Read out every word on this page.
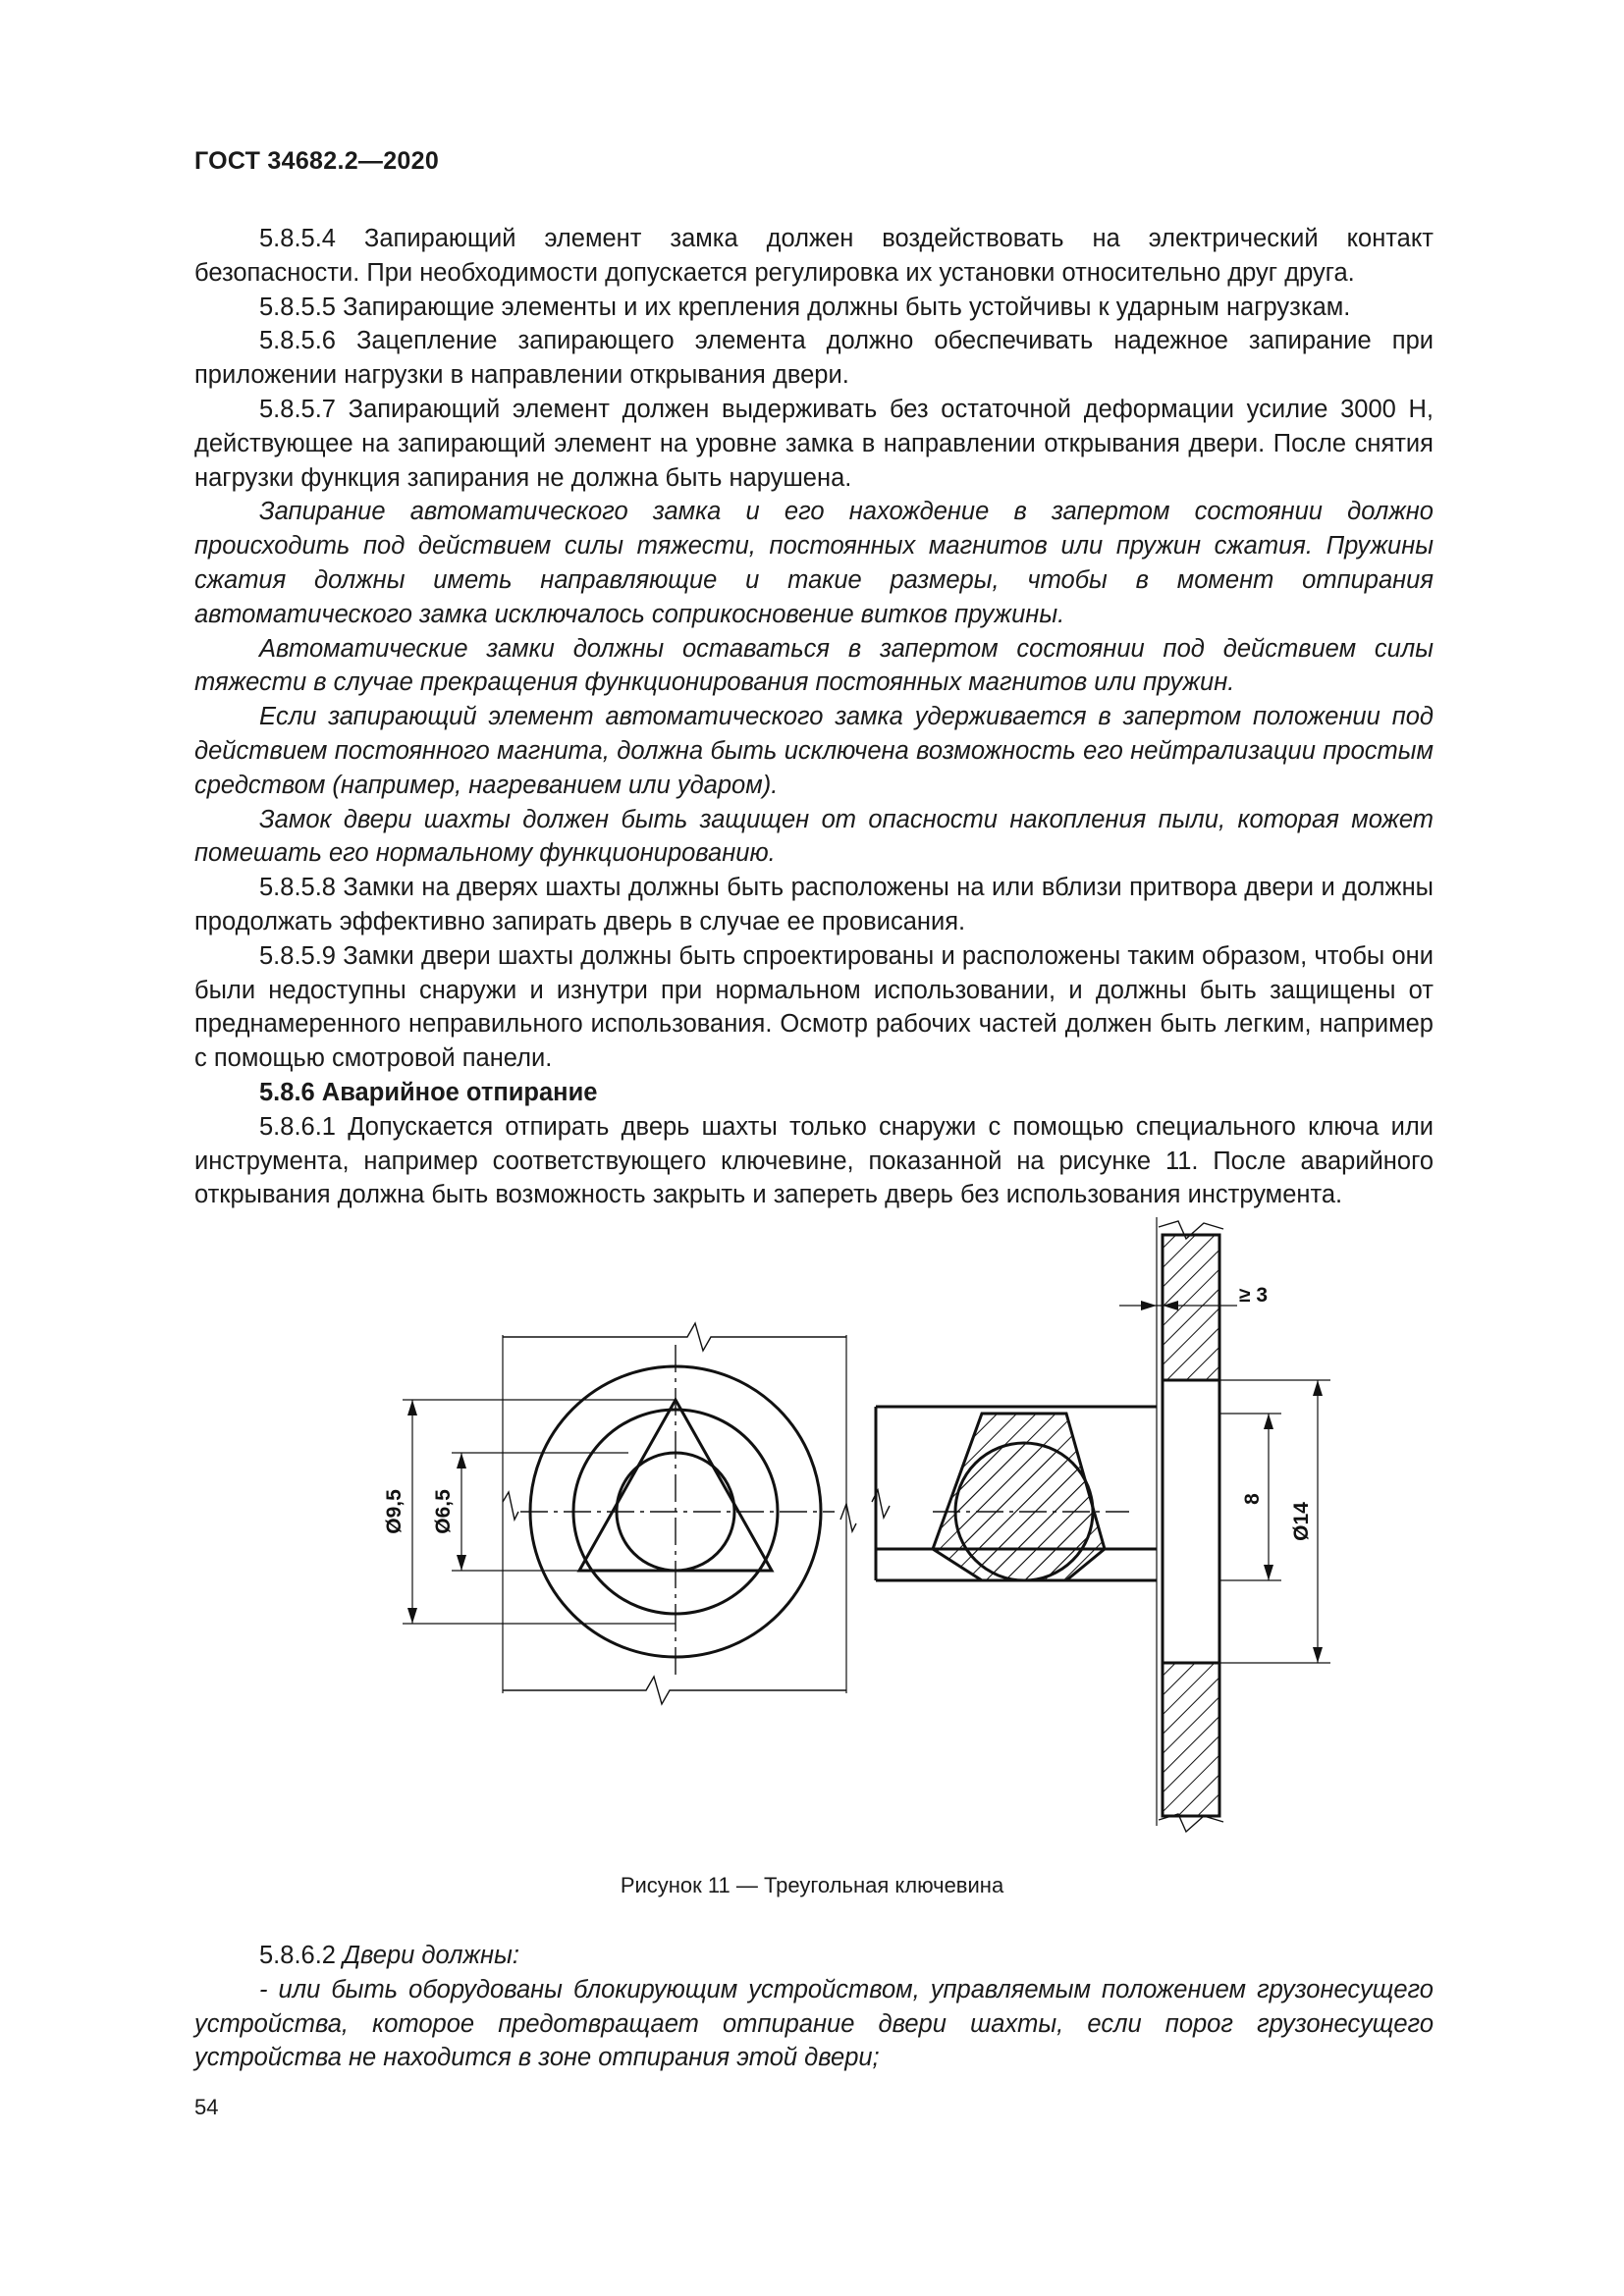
ГОСТ 34682.2—2020

5.8.5.4 Запирающий элемент замка должен воздействовать на электрический контакт безопасности. При необходимости допускается регулировка их установки относительно друг друга.

5.8.5.5 Запирающие элементы и их крепления должны быть устойчивы к ударным нагрузкам.

5.8.5.6 Зацепление запирающего элемента должно обеспечивать надежное запирание при приложении нагрузки в направлении открывания двери.

5.8.5.7 Запирающий элемент должен выдерживать без остаточной деформации усилие 3000 Н, действующее на запирающий элемент на уровне замка в направлении открывания двери. После снятия нагрузки функция запирания не должна быть нарушена.

Запирание автоматического замка и его нахождение в запертом состоянии должно происходить под действием силы тяжести, постоянных магнитов или пружин сжатия. Пружины сжатия должны иметь направляющие и такие размеры, чтобы в момент отпирания автоматического замка исключалось соприкосновение витков пружины.

Автоматические замки должны оставаться в запертом состоянии под действием силы тяжести в случае прекращения функционирования постоянных магнитов или пружин.

Если запирающий элемент автоматического замка удерживается в запертом положении под действием постоянного магнита, должна быть исключена возможность его нейтрализации простым средством (например, нагреванием или ударом).

Замок двери шахты должен быть защищен от опасности накопления пыли, которая может помешать его нормальному функционированию.

5.8.5.8 Замки на дверях шахты должны быть расположены на или вблизи притвора двери и должны продолжать эффективно запирать дверь в случае ее провисания.

5.8.5.9 Замки двери шахты должны быть спроектированы и расположены таким образом, чтобы они были недоступны снаружи и изнутри при нормальном использовании, и должны быть защищены от преднамеренного неправильного использования. Осмотр рабочих частей должен быть легким, например с помощью смотровой панели.

5.8.6 Аварийное отпирание

5.8.6.1 Допускается отпирать дверь шахты только снаружи с помощью специального ключа или инструмента, например соответствующего ключевине, показанной на рисунке 11. После аварийного открывания должна быть возможность закрыть и запереть дверь без использования инструмента.

Ø9,5 Ø6,5	8
Ø14
≥ 3
Рисунок 11 — Треугольная ключевина

5.8.6.2 Двери должны:

- или быть оборудованы блокирующим устройством, управляемым положением грузонесущего устройства, которое предотвращает отпирание двери шахты, если порог грузонесущего устройства не находится в зоне отпирания этой двери;

54
